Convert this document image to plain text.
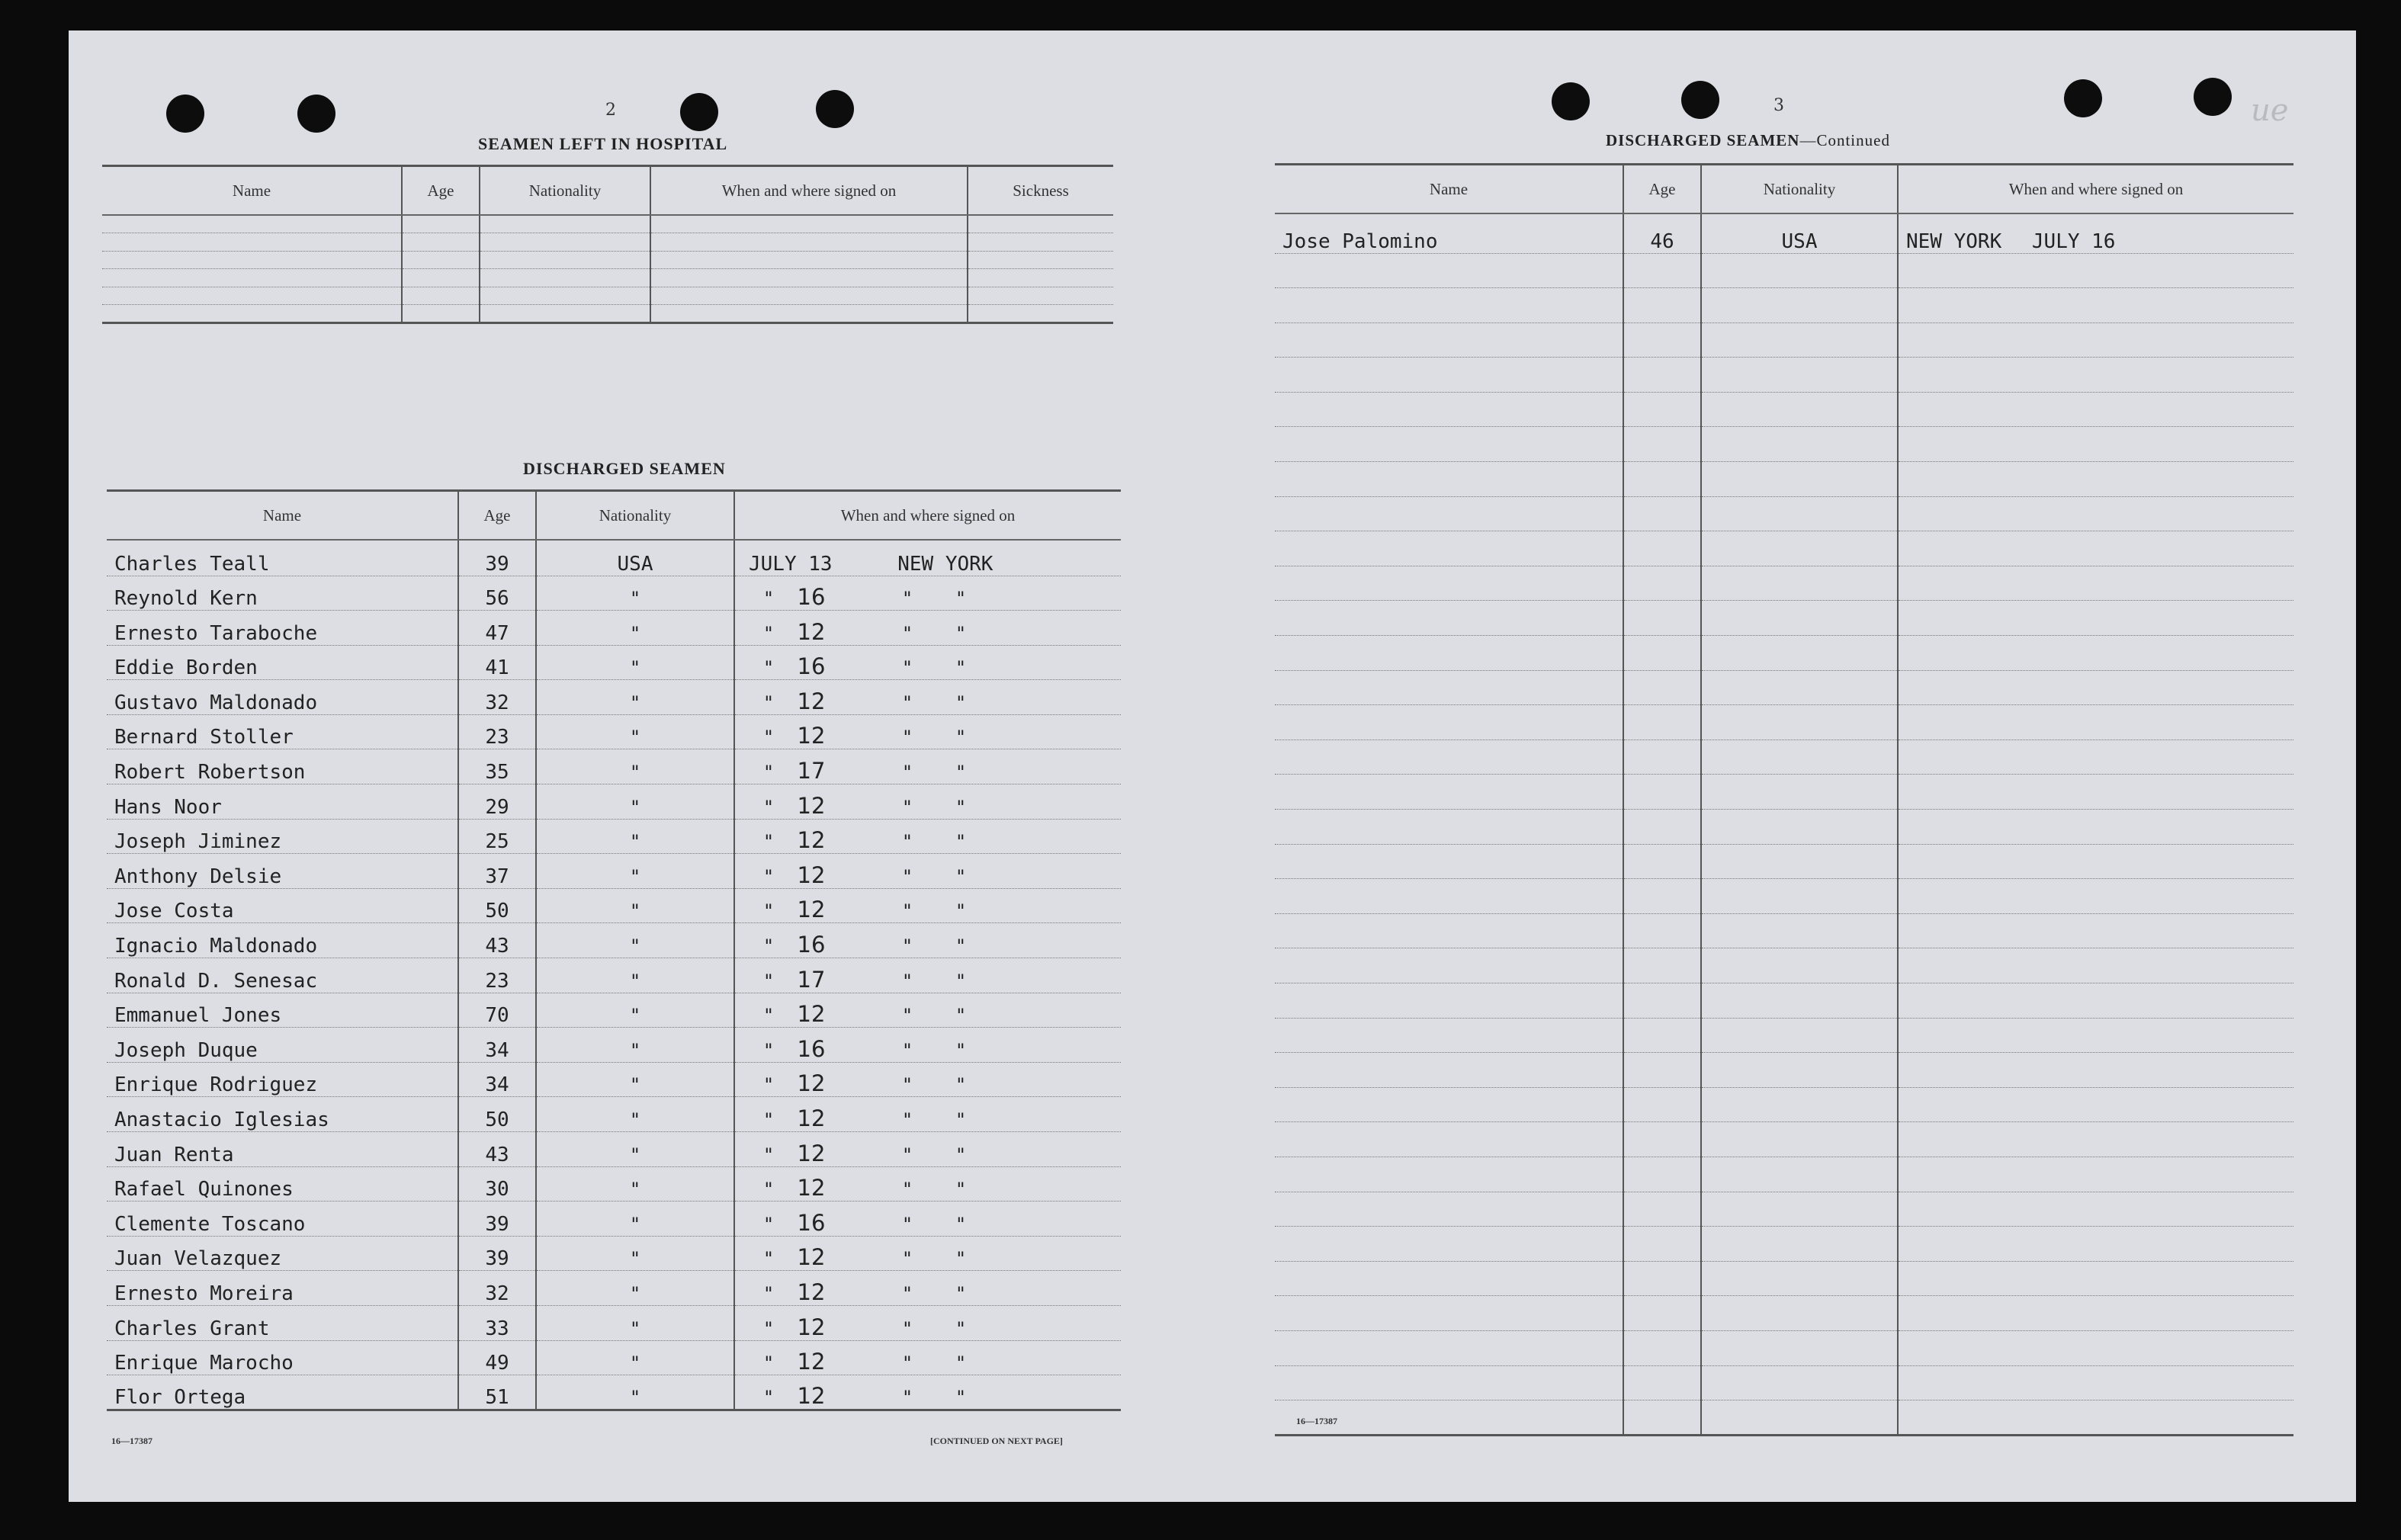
2
SEAMEN LEFT IN HOSPITAL
Name	Age	Nationality	When and where signed on	Sickness

DISCHARGED SEAMEN
Name	Age	Nationality	When and where signed on
Charles Teall	39	USA	JULY 13 NEW YORK
Reynold Kern	56	"	" 16 " "
Ernesto Taraboche	47	"	" 12 " "
Eddie Borden	41	"	" 16 " "
Gustavo Maldonado	32	"	" 12 " "
Bernard Stoller	23	"	" 12 " "
Robert Robertson	35	"	" 17 " "
Hans Noor	29	"	" 12 " "
Joseph Jiminez	25	"	" 12 " "
Anthony Delsie	37	"	" 12 " "
Jose Costa	50	"	" 12 " "
Ignacio Maldonado	43	"	" 16 " "
Ronald D. Senesac	23	"	" 17 " "
Emmanuel Jones	70	"	" 12 " "
Joseph Duque	34	"	" 16 " "
Enrique Rodriguez	34	"	" 12 " "
Anastacio Iglesias	50	"	" 12 " "
Juan Renta	43	"	" 12 " "
Rafael Quinones	30	"	" 12 " "
Clemente Toscano	39	"	" 16 " "
Juan Velazquez	39	"	" 12 " "
Ernesto Moreira	32	"	" 12 " "
Charles Grant	33	"	" 12 " "
Enrique Marocho	49	"	" 12 " "
Flor Ortega	51	"	" 12 " "
16—17387	[CONTINUED ON NEXT PAGE]
3
DISCHARGED SEAMEN—Continued
ue
Name	Age	Nationality	When and where signed on
Jose Palomino	46	USA	NEW YORK JULY 16

16—17387
